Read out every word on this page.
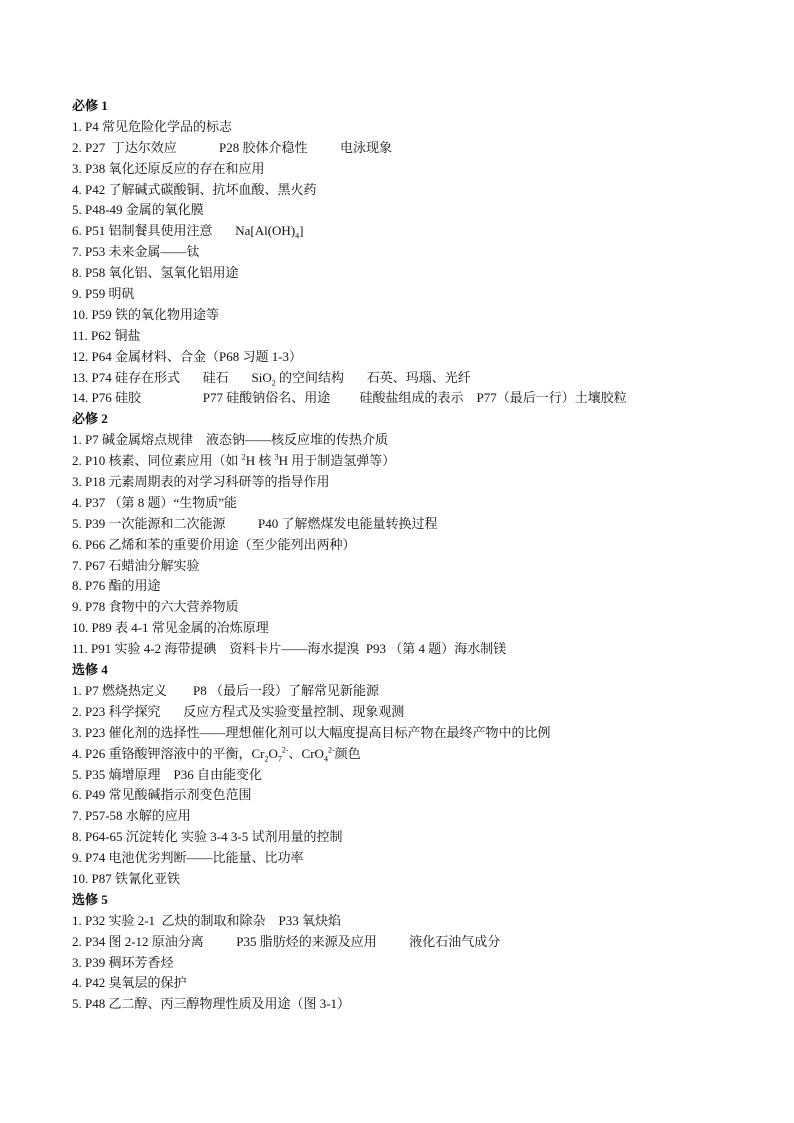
必修 1
1. P4 常见危险化学品的标志
2. P27  丁达尔效应             P28 胶体介稳性          电泳现象
3. P38 氧化还原反应的存在和应用
4. P42 了解碱式碳酸铜、抗坏血酸、黑火药
5. P48-49 金属的氧化膜
6. P51 铝制餐具使用注意       $Na[Al(OH)_4]$
7. P53 未来金属——钛
8. P58 氧化铝、氢氧化铝用途
9. P59 明矾
10. P59 铁的氧化物用途等
11. P62 铜盐
12. P64 金属材料、合金（P68 习题 1-3）
13. P74 硅存在形式       硅石       SiO$_2$ 的空间结构       石英、玛瑙、光纤
14. P76 硅胶                   P77 硅酸钠俗名、用途         硅酸盐组成的表示    P77（最后一行）土壤胶粒
必修 2
1. P7 碱金属熔点规律    液态钠——核反应堆的传热介质
2. P10 核素、同位素应用（如 $^2$H 核 $^3$H 用于制造氢弹等）
3. P18 元素周期表的对学习科研等的指导作用
4. P37 （第 8 题）“生物质”能
5. P39 一次能源和二次能源          P40 了解燃煤发电能量转换过程
6. P66 乙烯和苯的重要价用途（至少能列出两种）
7. P67 石蜡油分解实验
8. P76 酯的用途
9. P78 食物中的六大营养物质
10. P89 表 4-1 常见金属的冶炼原理
11. P91 实验 4-2 海带提碘    资料卡片——海水提溴  P93 （第 4 题）海水制镁
选修 4
1. P7 燃烧热定义        P8 （最后一段）了解常见新能源
2. P23 科学探究       反应方程式及实验变量控制、现象观测
3. P23 催化剂的选择性——理想催化剂可以大幅度提高目标产物在最终产物中的比例
4. P26 重铬酸钾溶液中的平衡，$Cr_2O_7^{2-}$、CrO$_4^{2-}$颜色
5. P35 熵增原理    P36 自由能变化
6. P49 常见酸碱指示剂变色范围
7. P57-58 水解的应用
8. P64-65 沉淀转化 实验 3-4 3-5 试剂用量的控制
9. P74 电池优劣判断——比能量、比功率
10. P87 铁氰化亚铁
选修 5
1. P32 实验 2-1  乙炔的制取和除杂    P33 氧炔焰
2. P34 图 2-12 原油分离          P35 脂肪烃的来源及应用          液化石油气成分
3. P39 稠环芳香烃
4. P42 臭氧层的保护
5. P48 乙二醇、丙三醇物理性质及用途（图 3-1）
